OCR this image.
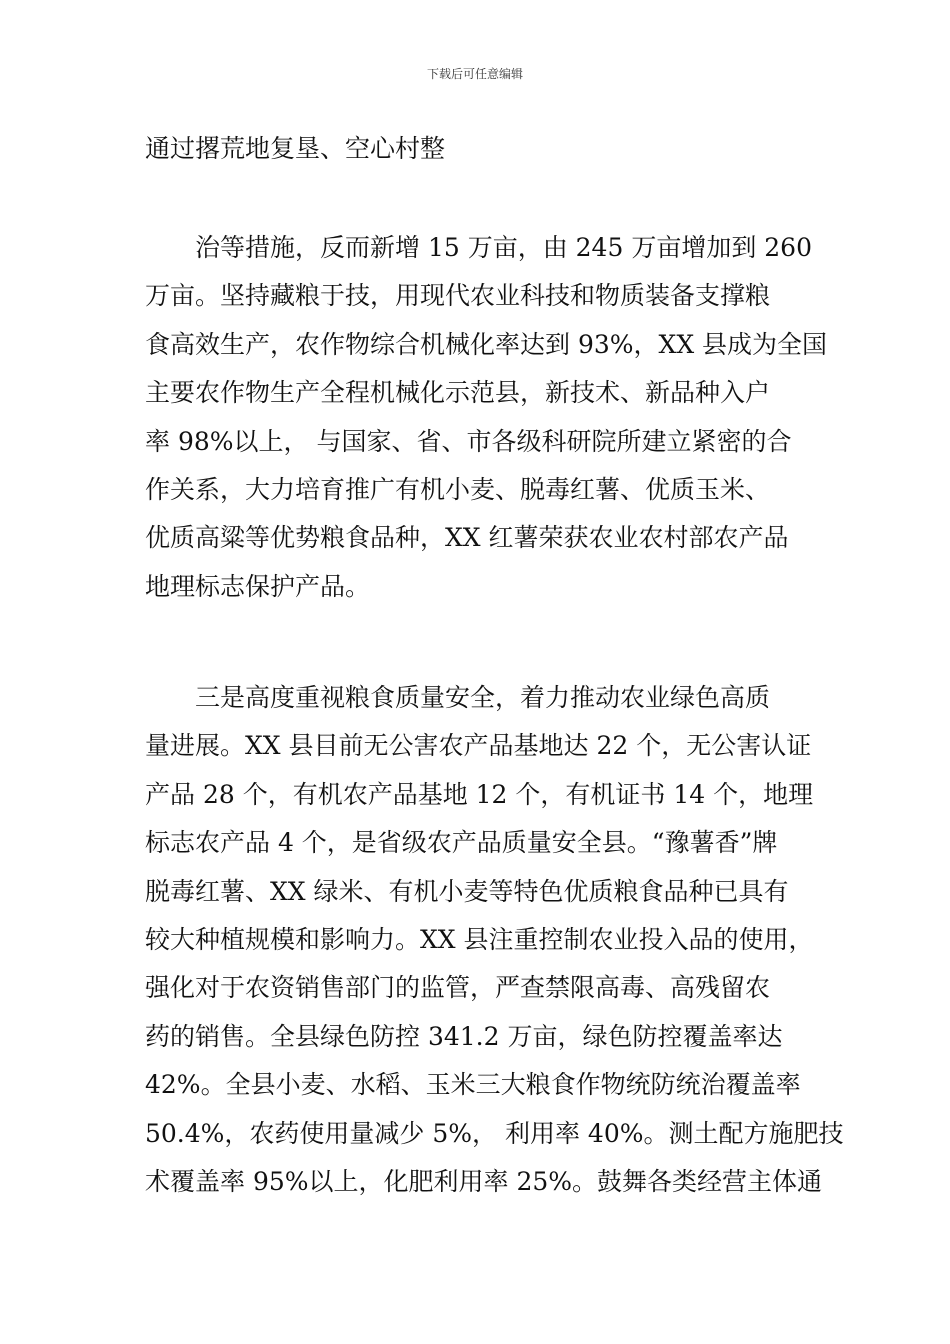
下载后可任意编辑

通过撂荒地复垦、空心村整

治等措施，反而新增 15 万亩，由 245 万亩增加到 260

万亩。坚持藏粮于技，用现代农业科技和物质装备支撑粮

食高效生产，农作物综合机械化率达到 93%，XX 县成为全国

主要农作物生产全程机械化示范县，新技术、新品种入户

率 98%以上， 与国家、省、市各级科研院所建立紧密的合

作关系，大力培育推广有机小麦、脱毒红薯、优质玉米、

优质高粱等优势粮食品种，XX 红薯荣获农业农村部农产品

地理标志保护产品。

三是高度重视粮食质量安全，着力推动农业绿色高质

量进展。XX 县目前无公害农产品基地达 22 个，无公害认证

产品 28 个，有机农产品基地 12 个，有机证书 14 个，地理

标志农产品 4 个，是省级农产品质量安全县。“豫薯香”牌

脱毒红薯、XX 绿米、有机小麦等特色优质粮食品种已具有

较大种植规模和影响力。XX 县注重控制农业投入品的使用，

强化对于农资销售部门的监管，严查禁限高毒、高残留农

药的销售。全县绿色防控 341.2 万亩，绿色防控覆盖率达

42%。全县小麦、水稻、玉米三大粮食作物统防统治覆盖率

50.4%，农药使用量减少 5%， 利用率 40%。测土配方施肥技

术覆盖率 95%以上，化肥利用率 25%。鼓舞各类经营主体通
